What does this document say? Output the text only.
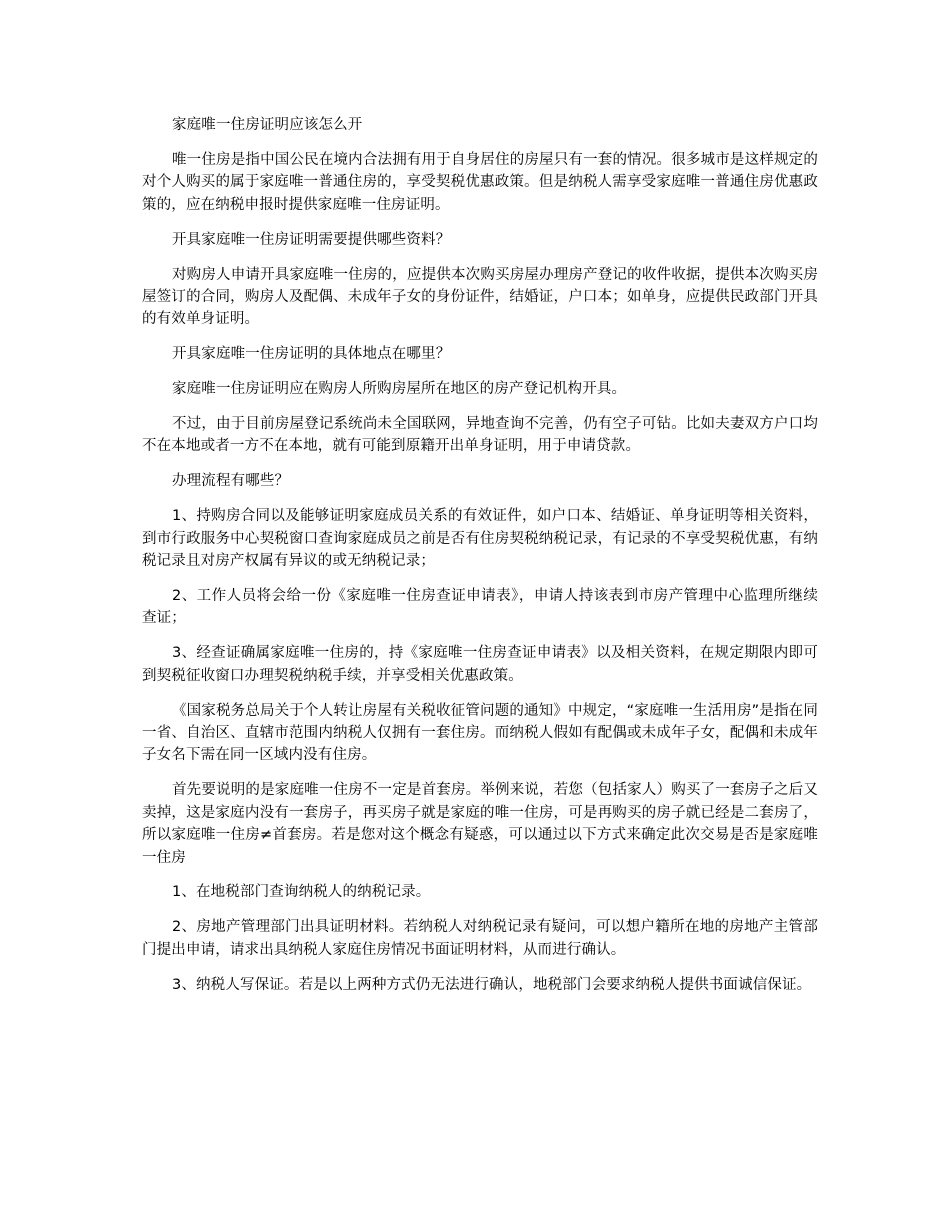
家庭唯一住房证明应该怎么开

唯一住房是指中国公民在境内合法拥有用于自身居住的房屋只有一套的情况。很多城市是这样规定的对个人购买的属于家庭唯一普通住房的，享受契税优惠政策。但是纳税人需享受家庭唯一普通住房优惠政策的，应在纳税申报时提供家庭唯一住房证明。

开具家庭唯一住房证明需要提供哪些资料？

对购房人申请开具家庭唯一住房的，应提供本次购买房屋办理房产登记的收件收据，提供本次购买房屋签订的合同，购房人及配偶、未成年子女的身份证件，结婚证，户口本；如单身，应提供民政部门开具的有效单身证明。

开具家庭唯一住房证明的具体地点在哪里？

家庭唯一住房证明应在购房人所购房屋所在地区的房产登记机构开具。

不过，由于目前房屋登记系统尚未全国联网，异地查询不完善，仍有空子可钻。比如夫妻双方户口均不在本地或者一方不在本地，就有可能到原籍开出单身证明，用于申请贷款。

办理流程有哪些？

1、持购房合同以及能够证明家庭成员关系的有效证件，如户口本、结婚证、单身证明等相关资料，到市行政服务中心契税窗口查询家庭成员之前是否有住房契税纳税记录，有记录的不享受契税优惠，有纳税记录且对房产权属有异议的或无纳税记录；

2、工作人员将会给一份《家庭唯一住房查证申请表》，申请人持该表到市房产管理中心监理所继续查证；

3、经查证确属家庭唯一住房的，持《家庭唯一住房查证申请表》以及相关资料，在规定期限内即可到契税征收窗口办理契税纳税手续，并享受相关优惠政策。

《国家税务总局关于个人转让房屋有关税收征管问题的通知》中规定，“家庭唯一生活用房”是指在同一省、自治区、直辖市范围内纳税人仅拥有一套住房。而纳税人假如有配偶或未成年子女，配偶和未成年子女名下需在同一区域内没有住房。

首先要说明的是家庭唯一住房不一定是首套房。举例来说，若您（包括家人）购买了一套房子之后又卖掉，这是家庭内没有一套房子，再买房子就是家庭的唯一住房，可是再购买的房子就已经是二套房了，所以家庭唯一住房≠首套房。若是您对这个概念有疑惑，可以通过以下方式来确定此次交易是否是家庭唯一住房

1、在地税部门查询纳税人的纳税记录。

2、房地产管理部门出具证明材料。若纳税人对纳税记录有疑问，可以想户籍所在地的房地产主管部门提出申请，请求出具纳税人家庭住房情况书面证明材料，从而进行确认。

3、纳税人写保证。若是以上两种方式仍无法进行确认，地税部门会要求纳税人提供书面诚信保证。
